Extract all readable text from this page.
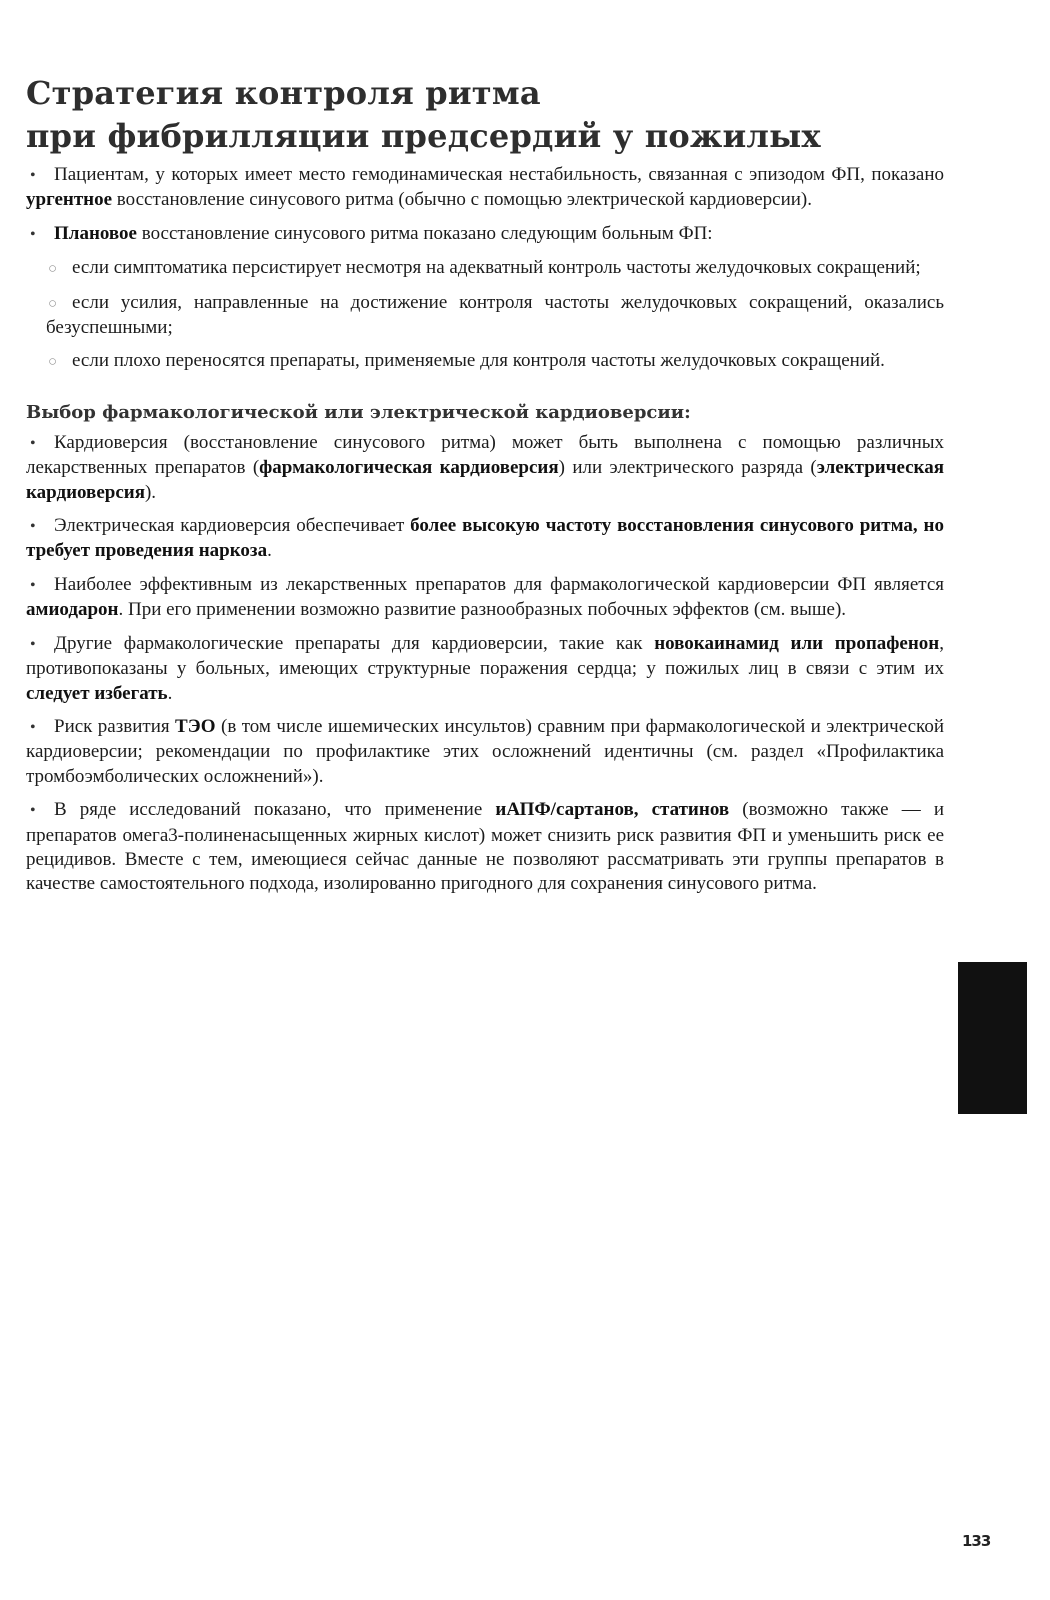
Стратегия контроля ритма
при фибрилляции предсердий у пожилых

• Пациентам, у которых имеет место гемодинамическая нестабильность, связанная с эпизодом ФП, показано ургентное восстановление синусового ритма (обычно с помощью электрической кардиоверсии).

• Плановое восстановление синусового ритма показано следующим больным ФП:

○ если симптоматика персистирует несмотря на адекватный контроль частоты желудочковых сокращений;

○ если усилия, направленные на достижение контроля частоты желудочковых сокращений, оказались безуспешными;

○ если плохо переносятся препараты, применяемые для контроля частоты желудочковых сокращений.

Выбор фармакологической или электрической кардиоверсии:

• Кардиоверсия (восстановление синусового ритма) может быть выполнена с помощью различных лекарственных препаратов (фармакологическая кардиоверсия) или электрического разряда (электрическая кардиоверсия).

• Электрическая кардиоверсия обеспечивает более высокую частоту восстановления синусового ритма, но требует проведения наркоза.

• Наиболее эффективным из лекарственных препаратов для фармакологической кардиоверсии ФП является амиодарон. При его применении возможно развитие разнообразных побочных эффектов (см. выше).

• Другие фармакологические препараты для кардиоверсии, такие как новокаинамид или пропафенон, противопоказаны у больных, имеющих структурные поражения сердца; у пожилых лиц в связи с этим их следует избегать.

• Риск развития ТЭО (в том числе ишемических инсультов) сравним при фармакологической и электрической кардиоверсии; рекомендации по профилактике этих осложнений идентичны (см. раздел «Профилактика тромбоэмболических осложнений»).

• В ряде исследований показано, что применение иАПФ/сартанов, статинов (возможно также — и препаратов омега3-полиненасыщенных жирных кислот) может снизить риск развития ФП и уменьшить риск ее рецидивов. Вместе с тем, имеющиеся сейчас данные не позволяют рассматривать эти группы препаратов в качестве самостоятельного подхода, изолированно пригодного для сохранения синусового ритма.

133
